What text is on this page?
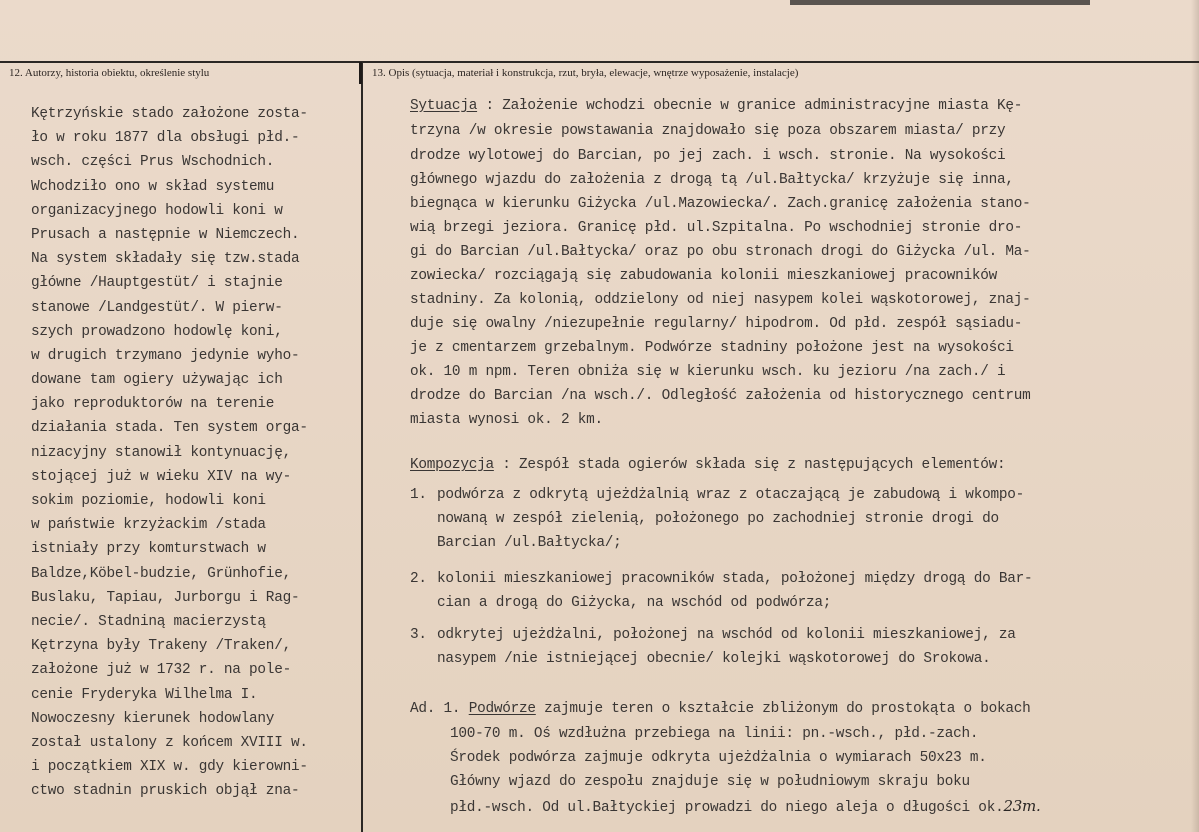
12. Autorzy, historia obiektu, określenie stylu	13. Opis (sytuacja, materiał i konstrukcja, rzut, bryła, elewacje, wnętrze wyposażenie, instalacje)
Kętrzyńskie stado założone zosta-
ło w roku 1877 dla obsługi płd.-
wsch. części Prus Wschodnich.
Wchodziło ono w skład systemu
organizacyjnego hodowli koni w
Prusach a następnie w Niemczech.
Na system składały się tzw.stada
główne /Hauptgestüt/ i stajnie
stanowe /Landgestüt/. W pierw-
szych prowadzono hodowlę koni,
w drugich trzymano jedynie wyho-
dowane tam ogiery używając ich
jako reproduktorów na terenie
działania stada. Ten system orga-
nizacyjny stanowił kontynuację,
stojącej już w wieku XIV na wy-
sokim poziomie, hodowli koni
w państwie krzyżackim /stada
istniały przy komturstwach w
Baldze,Köbel-budzie, Grünhofie,
Buslaku, Tapiau, Jurborgu i Rag-
necie/. Stadniną macierzystą
Kętrzyna były Trakeny /Traken/,
założone już w 1732 r. na pole-
cenie Fryderyka Wilhelma I.
Nowoczesny kierunek hodowlany
został ustalony z końcem XVIII w.
i początkiem XIX w. gdy kierowni-
ctwo stadnin pruskich objął zna-
Sytuacja : Założenie wchodzi obecnie w granice administracyjne miasta Kę-
trzyna /w okresie powstawania znajdowało się poza obszarem miasta/ przy
drodze wylotowej do Barcian, po jej zach. i wsch. stronie. Na wysokości
głównego wjazdu do założenia z drogą tą /ul.Bałtycka/ krzyżuje się inna,
biegnąca w kierunku Giżycka /ul.Mazowiecka/. Zach.granicę założenia stano-
wią brzegi jeziora. Granicę płd. ul.Szpitalna. Po wschodniej stronie dro-
gi do Barcian /ul.Bałtycka/ oraz po obu stronach drogi do Giżycka /ul. Ma-
zowiecka/ rozciągają się zabudowania kolonii mieszkaniowej pracowników
stadniny. Za kolonią, oddzielony od niej nasypem kolei wąskotorowej, znaj-
duje się owalny /niezupełnie regularny/ hipodrom. Od płd. zespół sąsiadu-
je z cmentarzem grzebalnym. Podwórze stadniny położone jest na wysokości
ok. 10 m npm. Teren obniża się w kierunku wsch. ku jezioru /na zach./ i
drodze do Barcian /na wsch./. Odległość założenia od historycznego centrum
miasta wynosi ok. 2 km.
Kompozycja : Zespół stada ogierów składa się z następujących elementów:
1. podwórza z odkrytą ujeżdżalnią wraz z otaczającą je zabudową i wkompo-
nowaną w zespół zielenią, położonego po zachodniej stronie drogi do
Barcian /ul.Bałtycka/;
2. kolonii mieszkaniowej pracowników stada, położonej między drogą do Bar-
cian a drogą do Giżycka, na wschód od podwórza;
3. odkrytej ujeżdżalni, położonej na wschód od kolonii mieszkaniowej, za
nasypem /nie istniejącej obecnie/ kolejki wąskotorowej do Srokowa.
Ad. 1. Podwórze zajmuje teren o kształcie zbliżonym do prostokąta o bokach
100-70 m. Oś wzdłużna przebiega na linii: pn.-wsch., płd.-zach.
Środek podwórza zajmuje odkryta ujeżdżalnia o wymiarach 50x23 m.
Główny wjazd do zespołu znajduje się w południowym skraju boku
płd.-wsch. Od ul.Bałtyckiej prowadzi do niego aleja o długości ok.23m.
